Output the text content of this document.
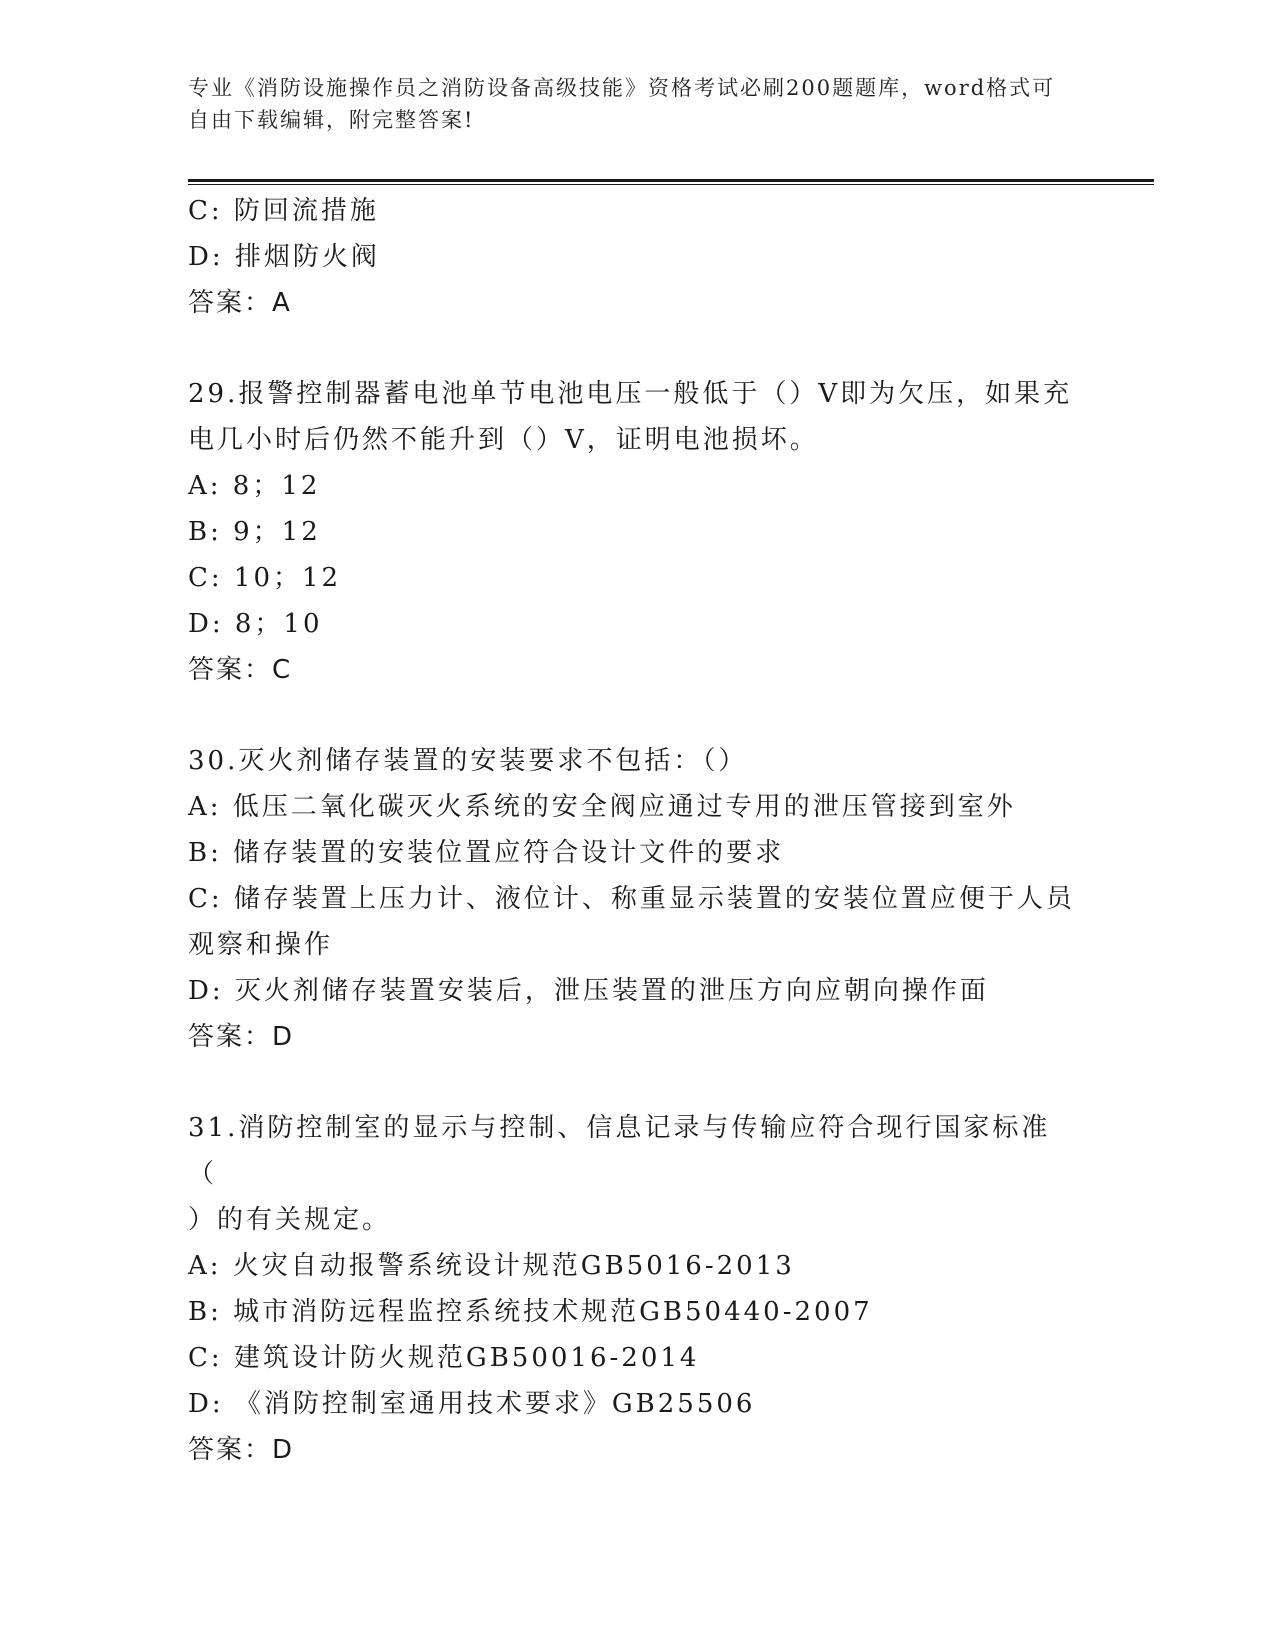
专业《消防设施操作员之消防设备高级技能》资格考试必刷200题题库，word格式可自由下载编辑，附完整答案!
C: 防回流措施
D: 排烟防火阀
答案：A
29.报警控制器蓄电池单节电池电压一般低于（）V即为欠压，如果充
电几小时后仍然不能升到（）V，证明电池损坏。
A: 8；12
B: 9；12
C: 10；12
D: 8；10
答案：C
30.灭火剂储存装置的安装要求不包括：（）
A: 低压二氧化碳灭火系统的安全阀应通过专用的泄压管接到室外
B: 储存装置的安装位置应符合设计文件的要求
C: 储存装置上压力计、液位计、称重显示装置的安装位置应便于人员
观察和操作
D: 灭火剂储存装置安装后，泄压装置的泄压方向应朝向操作面
答案：D
31.消防控制室的显示与控制、信息记录与传输应符合现行国家标准（
）的有关规定。
A: 火灾自动报警系统设计规范GB5016-2013
B: 城市消防远程监控系统技术规范GB50440-2007
C: 建筑设计防火规范GB50016-2014
D: 《消防控制室通用技术要求》GB25506
答案：D
